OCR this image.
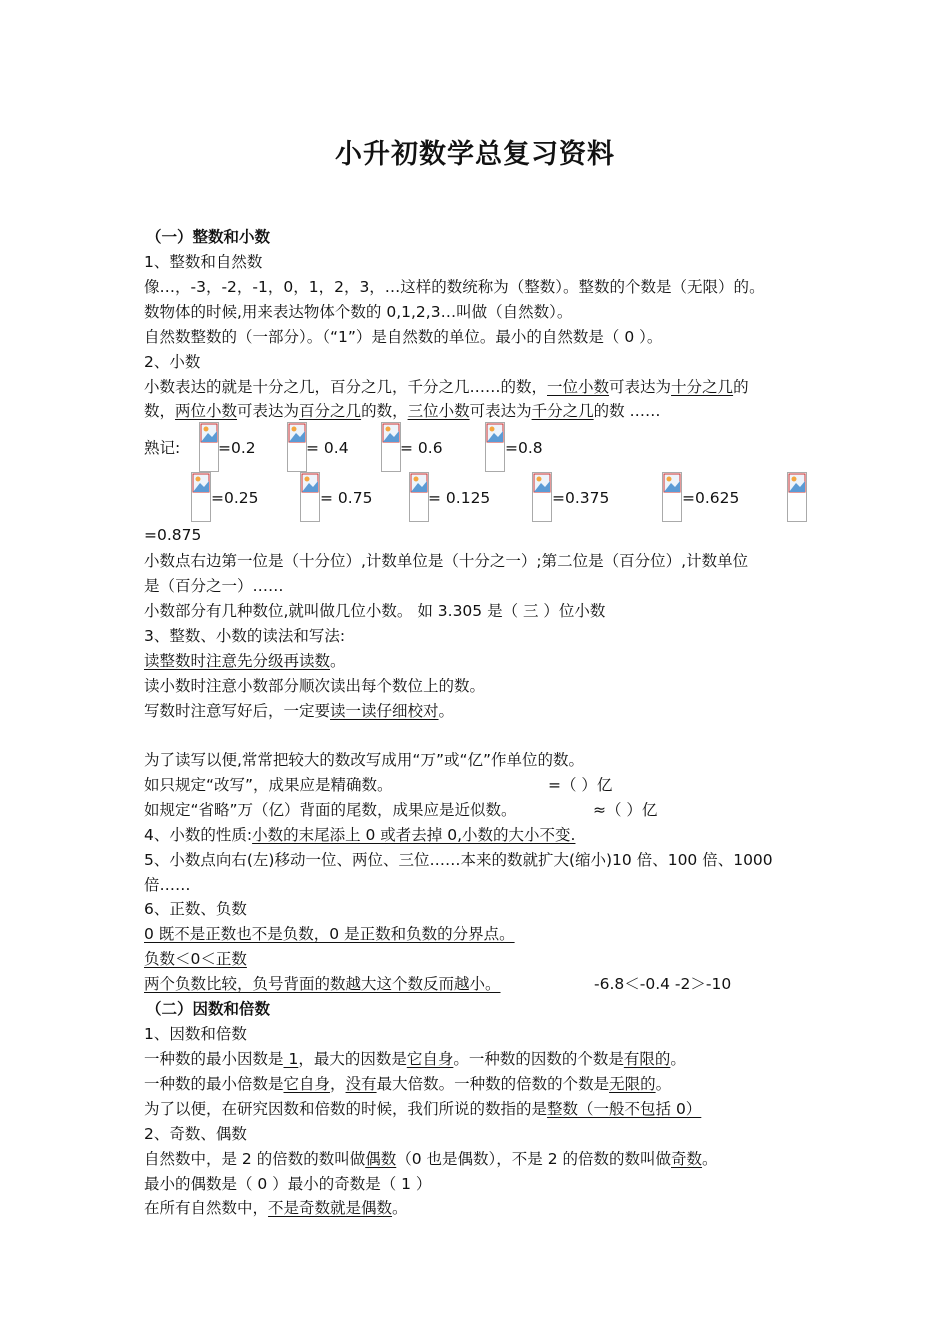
小升初数学总复习资料
（一）整数和小数
1、整数和自然数
像…，-3，-2，-1，0，1，2，3，…这样的数统称为（整数）。整数的个数是（无限）的。
数物体的时候,用来表达物体个数的 0,1,2,3…叫做（自然数）。
自然数整数的（一部分）。（“1”）是自然数的单位。最小的自然数是（ 0 ）。
2、小数
小数表达的就是十分之几，百分之几，千分之几……的数，一位小数可表达为十分之几的
数，两位小数可表达为百分之几的数，三位小数可表达为千分之几的数 ……
熟记: =0.2	= 0.4	= 0.6	=0.8
=0.25	= 0.75	= 0.125	=0.375	=0.625
=0.875
小数点右边第一位是（十分位）,计数单位是（十分之一）;第二位是（百分位）,计数单位
是（百分之一）……
小数部分有几种数位,就叫做几位小数。 如 3.305 是（ 三 ）位小数
3、整数、小数的读法和写法:
读整数时注意先分级再读数。
读小数时注意小数部分顺次读出每个数位上的数。
写数时注意写好后，一定要读一读仔细校对。
为了读写以便,常常把较大的数改写成用“万”或“亿”作单位的数。
如只规定“改写”，成果应是精确数。	=（ ）亿
如规定“省略”万（亿）背面的尾数，成果应是近似数。	≈（ ）亿
4、小数的性质:小数的末尾添上 0 或者去掉 0,小数的大小不变.
5、小数点向右(左)移动一位、两位、三位……本来的数就扩大(缩小)10 倍、100 倍、1000
倍……
6、正数、负数
0 既不是正数也不是负数，0 是正数和负数的分界点。
负数＜0＜正数
两个负数比较，负号背面的数越大这个数反而越小。	-6.8＜-0.4 -2＞-10
（二）因数和倍数
1、因数和倍数
一种数的最小因数是 1，最大的因数是它自身。一种数的因数的个数是有限的。
一种数的最小倍数是它自身，没有最大倍数。一种数的倍数的个数是无限的。
为了以便，在研究因数和倍数的时候，我们所说的数指的是整数（一般不包括 0）
2、奇数、偶数
自然数中，是 2 的倍数的数叫做偶数（0 也是偶数），不是 2 的倍数的数叫做奇数。
最小的偶数是（ 0 ）最小的奇数是（ 1 ）
在所有自然数中，不是奇数就是偶数。
